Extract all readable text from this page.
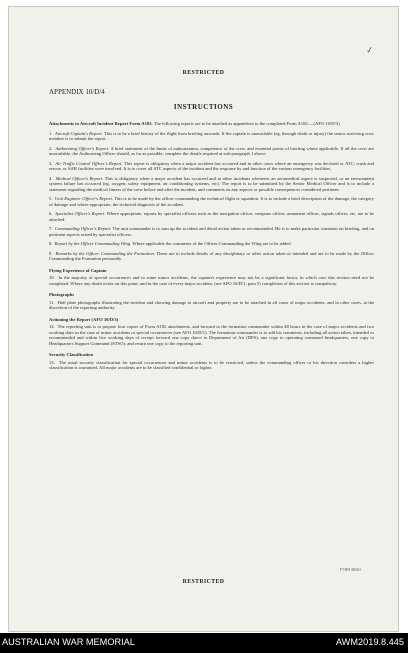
✓
RESTRICTED
APPENDIX 10/D/4
INSTRUCTIONS

Attachments to Aircraft Incident Report Form A182. The following reports are to be attached as appendices to the completed Form A182:—(AFO 10/D/3)

1. Aircraft Captain's Report. This is to be a brief history of the flight from briefing onwards. If the captain is unavailable (eg, through death or injury) the senior surviving crew member is to submit the report.

2. Authorizing Officer's Report. A brief statement of the limits of authorization, competence of the crew, and essential points of briefing where applicable. If all the crew are unavailable, the Authorizing Officer should, as far as possible, complete the details required at sub-paragraph 1 above.

3. Air Traffic Control Officer's Report. This report is obligatory when a major accident has occurred and in other cases where an emergency was declared or ATC, crash and rescue, or SAR facilities were involved. It is to cover all ATC aspects of the incident and the response by and function of the various emergency facilities.

4. Medical Officer's Report. This is obligatory when a major accident has occurred and in other incidents whenever an aeromedical aspect is suspected, or an environment system failure has occurred (eg, oxygen, safety equipment, air conditioning systems, etc). The report is to be submitted by the Senior Medical Officer and is to include a statement regarding the medical fitness of the crew before and after the incident, and comments on any aspects or possible consequences considered pertinent.

5. Unit Engineer Officer's Report. This is to be made by the officer commanding the technical flight or squadron. It is to include a brief description of the damage, the category of damage and where appropriate, the technical diagnosis of the accident.

6. Specialist Officer's Report. Where appropriate, reports by specialist officers such as the navigation officer, weapons officer, armament officer, signals officer, etc, are to be attached.

7. Commanding Officer's Report. The unit commander is to sum up the accident and detail action taken or recommended. He is to make particular comment on briefing, and on pertinent aspects raised by specialist officers.

8. Report by the Officer Commanding Wing. Where applicable the comments of the Officer Commanding the Wing are to be added.

9. Remarks by the Officer Commanding the Formation. These are to include details of any disciplinary or other action taken or intended and are to be made by the Officer Commanding the Formation personally.

Flying Experience of Captain

10. In the majority of special occurrences and in some minor accidents, the captain's experience may not be a significant factor, in which case this section need not be completed. Where any doubt exists on this point, and in the case of every major accident, (see AFO 10/D/1, para 5) completion of this section is compulsory.

Photographs

11. Half plate photographs illustrating the incident and showing damage to aircraft and property are to be attached in all cases of major accidents, and in other cases, at the discretion of the reporting authority.

Actioning the Report (AFO 10/D/3)

12. The reporting unit is to prepare four copies of Form A182 attachments, and forward to the formation commander within 48 hours in the case of major accidents and two working days in the case of minor accidents or special occurrences (see AFO 10/D/1). The formation commander is to add his comments, including all action taken, intended or recommended and within five working days of receipt forward one copy direct to Department of Air (DFS), one copy to operating command headquarters, one copy to Headquarters Support Command (STSO), and return one copy to the reporting unit.

Security Classification

13. The usual security classification for special occurrences and minor accidents is to be restricted, unless the commanding officer or his direction considers a higher classification is warranted. All major accidents are to be classified confidential or higher.

F7/HH 450/63
RESTRICTED
AUSTRALIAN WAR MEMORIAL	AWM2019.8.445
